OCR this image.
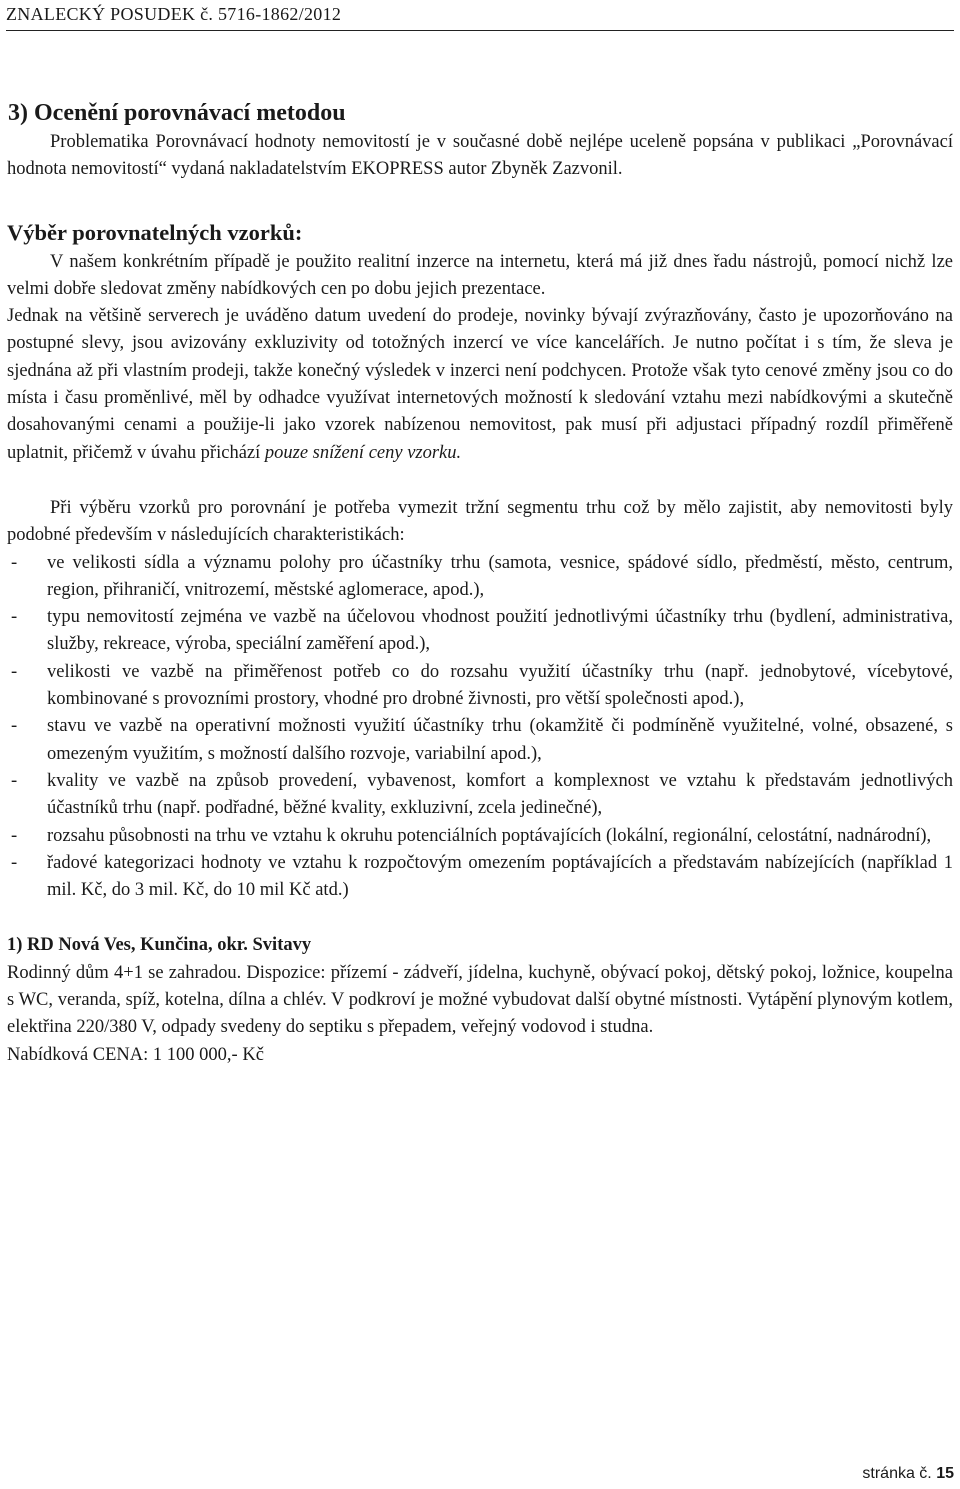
ZNALECKÝ POSUDEK č. 5716-1862/2012
3) Ocenění porovnávací metodou

Problematika Porovnávací hodnoty nemovitostí je v současné době nejlépe uceleně popsána v publikaci „Porovnávací hodnota nemovitostí“ vydaná nakladatelstvím EKOPRESS autor Zbyněk Zazvonil.

Výběr porovnatelných vzorků:

V našem konkrétním případě je použito realitní inzerce na internetu, která má již dnes řadu nástrojů, pomocí nichž lze velmi dobře sledovat změny nabídkových cen po dobu jejich prezentace.

Jednak na většině serverech je uváděno datum uvedení do prodeje, novinky bývají zvýrazňovány, často je upozorňováno na postupné slevy, jsou avizovány exkluzivity od totožných inzercí ve více kancelářích. Je nutno počítat i s tím, že sleva je sjednána až při vlastním prodeji, takže konečný výsledek v inzerci není podchycen. Protože však tyto cenové změny jsou co do místa i času proměnlivé, měl by odhadce využívat internetových možností k sledování vztahu mezi nabídkovými a skutečně dosahovanými cenami a použije-li jako vzorek nabízenou nemovitost, pak musí při adjustaci případný rozdíl přiměřeně uplatnit, přičemž v úvahu přichází pouze snížení ceny vzorku.

Při výběru vzorků pro porovnání je potřeba vymezit tržní segmentu trhu což by mělo zajistit, aby nemovitosti byly podobné především v následujících charakteristikách:

- ve velikosti sídla a významu polohy pro účastníky trhu (samota, vesnice, spádové sídlo, předměstí, město, centrum, region, přihraničí, vnitrozemí, městské aglomerace, apod.),
- typu nemovitostí zejména ve vazbě na účelovou vhodnost použití jednotlivými účastníky trhu (bydlení, administrativa, služby, rekreace, výroba, speciální zaměření apod.),
- velikosti ve vazbě na přiměřenost potřeb co do rozsahu využití účastníky trhu (např. jednobytové, vícebytové, kombinované s provozními prostory, vhodné pro drobné živnosti, pro větší společnosti apod.),
- stavu ve vazbě na operativní možnosti využití účastníky trhu (okamžitě či podmíněně využitelné, volné, obsazené, s omezeným využitím, s možností dalšího rozvoje, variabilní apod.),
- kvality ve vazbě na způsob provedení, vybavenost, komfort a komplexnost ve vztahu k představám jednotlivých účastníků trhu (např. podřadné, běžné kvality, exkluzivní, zcela jedinečné),
- rozsahu působnosti na trhu ve vztahu k okruhu potenciálních poptávajících (lokální, regionální, celostátní, nadnárodní),
- řadové kategorizaci hodnoty ve vztahu k rozpočtovým omezením poptávajících a představám nabízejících (například 1 mil. Kč, do 3 mil. Kč, do 10 mil Kč atd.)

1) RD Nová Ves, Kunčina, okr. Svitavy

Rodinný dům 4+1 se zahradou. Dispozice: přízemí - zádveří, jídelna, kuchyně, obývací pokoj, dětský pokoj, ložnice, koupelna s WC, veranda, spíž, kotelna, dílna a chlév. V podkroví je možné vybudovat další obytné místnosti. Vytápění plynovým kotlem, elektřina 220/380 V, odpady svedeny do septiku s přepadem, veřejný vodovod i studna.

Nabídková CENA: 1 100 000,- Kč

stránka č. 15
